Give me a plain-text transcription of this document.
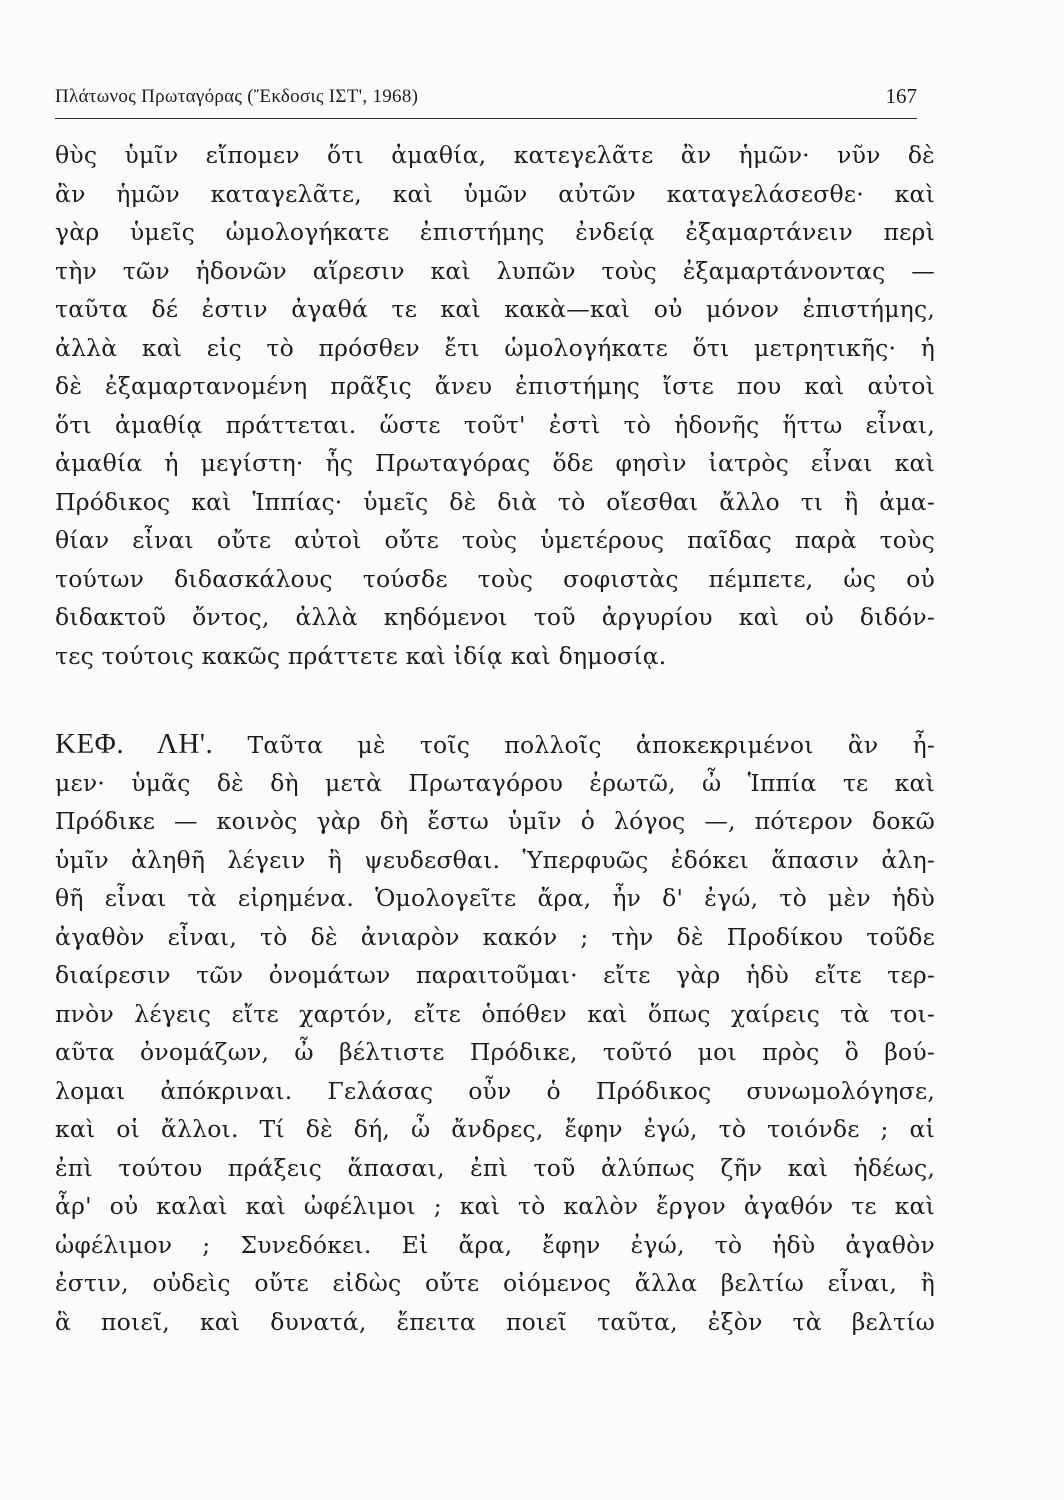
Πλάτωνος Πρωταγόρας (Ἔκδοσις ΙΣΤ', 1968)	167
θὺς ὑμῖν εἴπομεν ὅτι ἀμαθία, κατεγελᾶτε ἂν ἡμῶν· νῦν δὲ
ἂν ἡμῶν καταγελᾶτε, καὶ ὑμῶν αὐτῶν καταγελάσεσθε· καὶ
γὰρ ὑμεῖς ὡμολογήκατε ἐπιστήμης ἐνδείᾳ ἐξαμαρτάνειν περὶ
τὴν τῶν ἡδονῶν αἵρεσιν καὶ λυπῶν τοὺς ἐξαμαρτάνοντας —
ταῦτα δέ ἐστιν ἀγαθά τε καὶ κακὰ—καὶ οὐ μόνον ἐπιστήμης,
ἀλλὰ καὶ εἰς τὸ πρόσθεν ἔτι ὡμολογήκατε ὅτι μετρητικῆς· ἡ
δὲ ἐξαμαρτανομένη πρᾶξις ἄνευ ἐπιστήμης ἴστε που καὶ αὐτοὶ
ὅτι ἀμαθίᾳ πράττεται. ὥστε τοῦτ' ἐστὶ τὸ ἡδονῆς ἥττω εἶναι,
ἀμαθία ἡ μεγίστη· ἧς Πρωταγόρας ὅδε φησὶν ἰατρὸς εἶναι καὶ
Πρόδικος καὶ Ἱππίας· ὑμεῖς δὲ διὰ τὸ οἴεσθαι ἄλλο τι ἢ ἀμα-
θίαν εἶναι οὔτε αὐτοὶ οὔτε τοὺς ὑμετέρους παῖδας παρὰ τοὺς
τούτων διδασκάλους τούσδε τοὺς σοφιστὰς πέμπετε, ὡς οὐ
διδακτοῦ ὄντος, ἀλλὰ κηδόμενοι τοῦ ἀργυρίου καὶ οὐ διδόν-
τες τούτοις κακῶς πράττετε καὶ ἰδίᾳ καὶ δημοσίᾳ.
ΚΕΦ. ΛΗ'. Ταῦτα μὲ τοῖς πολλοῖς ἀποκεκριμένοι ἂν ἦ-
μεν· ὑμᾶς δὲ δὴ μετὰ Πρωταγόρου ἐρωτῶ, ὦ Ἱππία τε καὶ
Πρόδικε — κοινὸς γὰρ δὴ ἔστω ὑμῖν ὁ λόγος —, πότερον δοκῶ
ὑμῖν ἀληθῆ λέγειν ἢ ψευδεσθαι. Ὑπερφυῶς ἐδόκει ἅπασιν ἀλη-
θῆ εἶναι τὰ εἰρημένα. Ὁμολογεῖτε ἄρα, ἦν δ' ἐγώ, τὸ μὲν ἡδὺ
ἀγαθὸν εἶναι, τὸ δὲ ἀνιαρὸν κακόν ; τὴν δὲ Προδίκου τοῦδε
διαίρεσιν τῶν ὀνομάτων παραιτοῦμαι· εἴτε γὰρ ἡδὺ εἴτε τερ-
πνὸν λέγεις εἴτε χαρτόν, εἴτε ὁπόθεν καὶ ὅπως χαίρεις τὰ τοι-
αῦτα ὀνομάζων, ὦ βέλτιστε Πρόδικε, τοῦτό μοι πρὸς ὃ βού-
λομαι ἀπόκριναι. Γελάσας οὖν ὁ Πρόδικος συνωμολόγησε,
καὶ οἱ ἄλλοι. Τί δὲ δή, ὦ ἄνδρες, ἔφην ἐγώ, τὸ τοιόνδε ; αἱ
ἐπὶ τούτου πράξεις ἅπασαι, ἐπὶ τοῦ ἀλύπως ζῆν καὶ ἡδέως,
ἆρ' οὐ καλαὶ καὶ ὠφέλιμοι ; καὶ τὸ καλὸν ἔργον ἀγαθόν τε καὶ
ὠφέλιμον ; Συνεδόκει. Εἰ ἄρα, ἔφην ἐγώ, τὸ ἡδὺ ἀγαθὸν
ἐστιν, οὐδεὶς οὔτε εἰδὼς οὔτε οἰόμενος ἄλλα βελτίω εἶναι, ἢ
ἃ ποιεῖ, καὶ δυνατά, ἔπειτα ποιεῖ ταῦτα, ἐξὸν τὰ βελτίω
